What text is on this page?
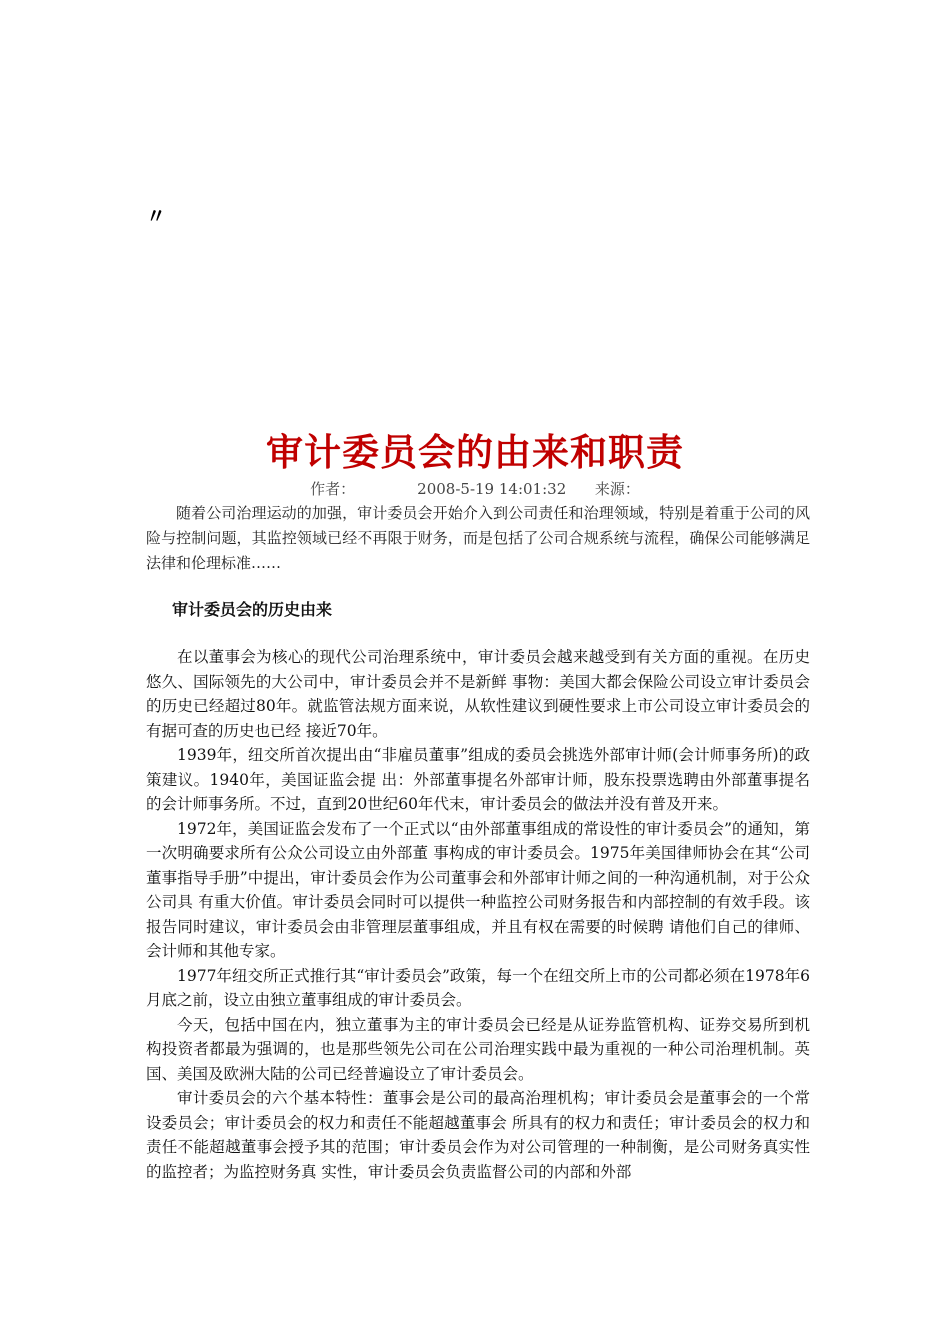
〃
审计委员会的由来和职责
作者：	2008-5-19 14:01:32 来源：
随着公司治理运动的加强，审计委员会开始介入到公司责任和治理领域，特别是着重于公司的风险与控制问题，其监控领域已经不再限于财务，而是包括了公司合规系统与流程，确保公司能够满足法律和伦理标准……
审计委员会的历史由来

在以董事会为核心的现代公司治理系统中，审计委员会越来越受到有关方面的重视。在历史悠久、国际领先的大公司中，审计委员会并不是新鲜 事物：美国大都会保险公司设立审计委员会的历史已经超过80年。就监管法规方面来说，从软性建议到硬性要求上市公司设立审计委员会的有据可查的历史也已经 接近70年。

1939年，纽交所首次提出由“非雇员董事”组成的委员会挑选外部审计师(会计师事务所)的政策建议。1940年，美国证监会提 出：外部董事提名外部审计师，股东投票选聘由外部董事提名的会计师事务所。不过，直到20世纪60年代末，审计委员会的做法并没有普及开来。

1972年，美国证监会发布了一个正式以“由外部董事组成的常设性的审计委员会”的通知，第一次明确要求所有公众公司设立由外部董 事构成的审计委员会。1975年美国律师协会在其“公司董事指导手册”中提出，审计委员会作为公司董事会和外部审计师之间的一种沟通机制，对于公众公司具 有重大价值。审计委员会同时可以提供一种监控公司财务报告和内部控制的有效手段。该报告同时建议，审计委员会由非管理层董事组成，并且有权在需要的时候聘 请他们自己的律师、会计师和其他专家。

1977年纽交所正式推行其“审计委员会”政策，每一个在纽交所上市的公司都必须在1978年6月底之前，设立由独立董事组成的审计委员会。

今天，包括中国在内，独立董事为主的审计委员会已经是从证券监管机构、证券交易所到机构投资者都最为强调的，也是那些领先公司在公司治理实践中最为重视的一种公司治理机制。英国、美国及欧洲大陆的公司已经普遍设立了审计委员会。

审计委员会的六个基本特性：董事会是公司的最高治理机构；审计委员会是董事会的一个常设委员会；审计委员会的权力和责任不能超越董事会 所具有的权力和责任；审计委员会的权力和责任不能超越董事会授予其的范围；审计委员会作为对公司管理的一种制衡，是公司财务真实性的监控者；为监控财务真 实性，审计委员会负责监督公司的内部和外部
